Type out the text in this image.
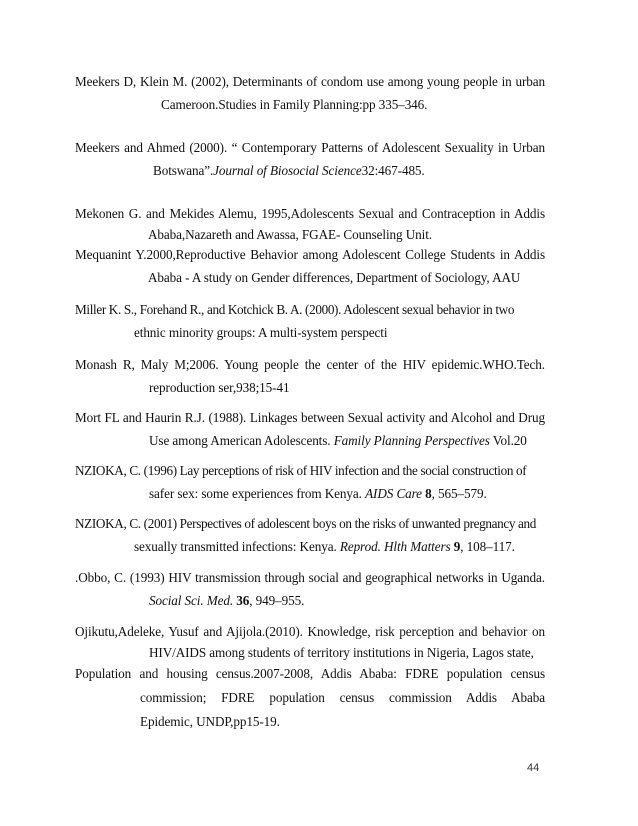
Meekers D, Klein M. (2002), Determinants of condom use among young people in urban
Cameroon.Studies in Family Planning:pp 335–346.
Meekers and Ahmed (2000). “ Contemporary Patterns of Adolescent Sexuality in Urban
Botswana”.Journal of Biosocial Science32:467-485.
Mekonen G. and Mekides Alemu, 1995,Adolescents Sexual and Contraception in Addis
Ababa,Nazareth and Awassa, FGAE- Counseling Unit.
Mequanint Y.2000,Reproductive Behavior among Adolescent College Students in Addis
Ababa - A study on Gender differences, Department of Sociology, AAU
Miller K. S., Forehand R., and Kotchick B. A. (2000). Adolescent sexual behavior in two
ethnic minority groups: A multi-system perspecti
Monash R, Maly M;2006. Young people the center of the HIV epidemic.WHO.Tech.
reproduction ser,938;15-41
Mort FL and Haurin R.J. (1988). Linkages between Sexual activity and Alcohol and Drug
Use among American Adolescents. Family Planning Perspectives Vol.20
NZIOKA, C. (1996) Lay perceptions of risk of HIV infection and the social construction of
safer sex: some experiences from Kenya. AIDS Care 8, 565–579.
NZIOKA, C. (2001) Perspectives of adolescent boys on the risks of unwanted pregnancy and
sexually transmitted infections: Kenya. Reprod. Hlth Matters 9, 108–117.
.Obbo, C. (1993) HIV transmission through social and geographical networks in Uganda.
Social Sci. Med. 36, 949–955.
Ojikutu,Adeleke, Yusuf and Ajijola.(2010). Knowledge, risk perception and behavior on
HIV/AIDS among students of territory institutions in Nigeria, Lagos state,
Population and housing census.2007-2008, Addis Ababa: FDRE population census
commission; FDRE population census commission Addis Ababa
Epidemic, UNDP,pp15-19.
44
